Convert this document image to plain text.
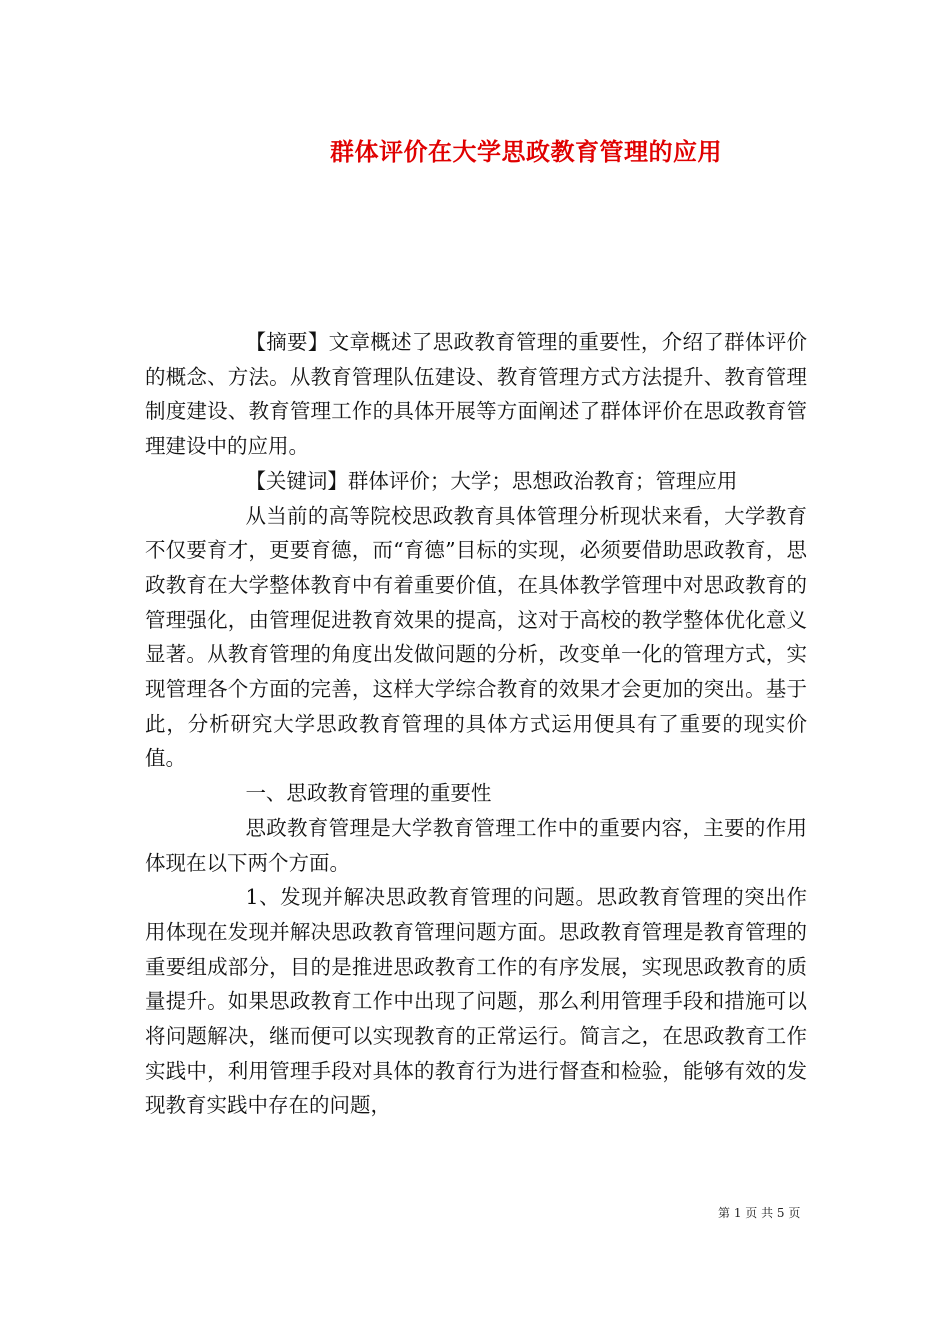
群体评价在大学思政教育管理的应用

【摘要】文章概述了思政教育管理的重要性，介绍了群体评价的概念、方法。从教育管理队伍建设、教育管理方式方法提升、教育管理制度建设、教育管理工作的具体开展等方面阐述了群体评价在思政教育管理建设中的应用。

【关键词】群体评价；大学；思想政治教育；管理应用

从当前的高等院校思政教育具体管理分析现状来看，大学教育不仅要育才，更要育德，而“育德”目标的实现，必须要借助思政教育，思政教育在大学整体教育中有着重要价值，在具体教学管理中对思政教育的管理强化，由管理促进教育效果的提高，这对于高校的教学整体优化意义显著。从教育管理的角度出发做问题的分析，改变单一化的管理方式，实现管理各个方面的完善，这样大学综合教育的效果才会更加的突出。基于此，分析研究大学思政教育管理的具体方式运用便具有了重要的现实价值。

一、思政教育管理的重要性

思政教育管理是大学教育管理工作中的重要内容，主要的作用体现在以下两个方面。

1、发现并解决思政教育管理的问题。思政教育管理的突出作用体现在发现并解决思政教育管理问题方面。思政教育管理是教育管理的重要组成部分，目的是推进思政教育工作的有序发展，实现思政教育的质量提升。如果思政教育工作中出现了问题，那么利用管理手段和措施可以将问题解决，继而便可以实现教育的正常运行。简言之，在思政教育工作实践中，利用管理手段对具体的教育行为进行督查和检验，能够有效的发现教育实践中存在的问题，

第 1 页 共 5 页
